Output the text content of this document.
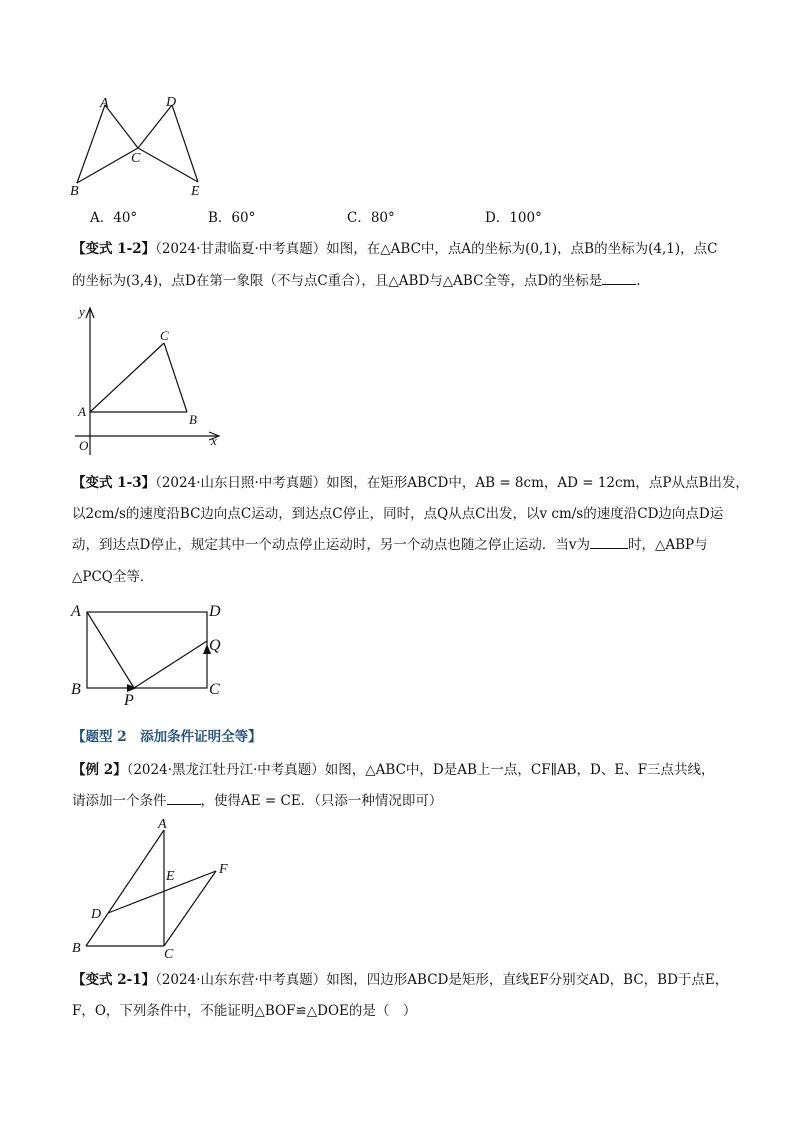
A	D
C
B	E
A．40°	B．60°	C．80°	D．100°
【变式 1-2】（2024·甘肃临夏·中考真题）如图，在△ABC中，点A的坐标为(0,1)，点B的坐标为(4,1)，点C
的坐标为(3,4)，点D在第一象限（不与点C重合），且△ABD与△ABC全等，点D的坐标是	.
y
x
O
A
B
C
【变式 1-3】（2024·山东日照·中考真题）如图，在矩形ABCD中，AB = 8cm，AD = 12cm，点P从点B出发，
以2cm/s的速度沿BC边向点C运动，到达点C停止，同时，点Q从点C出发，以v cm/s的速度沿CD边向点D运
动，到达点D停止，规定其中一个动点停止运动时，另一个动点也随之停止运动．当v为	时，△ABP与
△PCQ全等．
A	D
Q
B
P
C
【题型 2　添加条件证明全等】
【例 2】（2024·黑龙江牡丹江·中考真题）如图，△ABC中，D是AB上一点，CF∥AB，D、E、F三点共线，
请添加一个条件	，使得AE = CE．（只添一种情况即可）
A
E	F
D
B	C
【变式 2-1】（2024·山东东营·中考真题）如图，四边形ABCD是矩形，直线EF分别交AD，BC，BD于点E，
F，O，下列条件中，不能证明△BOF≌△DOE的是（　）
